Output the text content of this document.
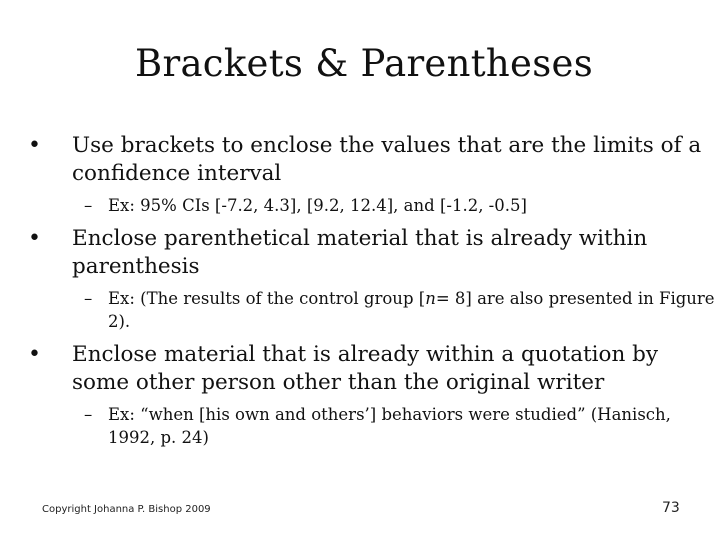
Brackets & Parentheses
•	Use brackets to enclose the values that are the limits of a confidence interval
– Ex: 95% CIs [-7.2, 4.3], [9.2, 12.4], and [-1.2, -0.5]
•	Enclose parenthetical material that is already within parenthesis
– Ex: (The results of the control group [n= 8] are also presented in Figure 2).
•	Enclose material that is already within a quotation by some other person other than the original writer
– Ex: “when [his own and others’] behaviors were studied” (Hanisch, 1992, p. 24)
Copyright Johanna P. Bishop 2009	73
